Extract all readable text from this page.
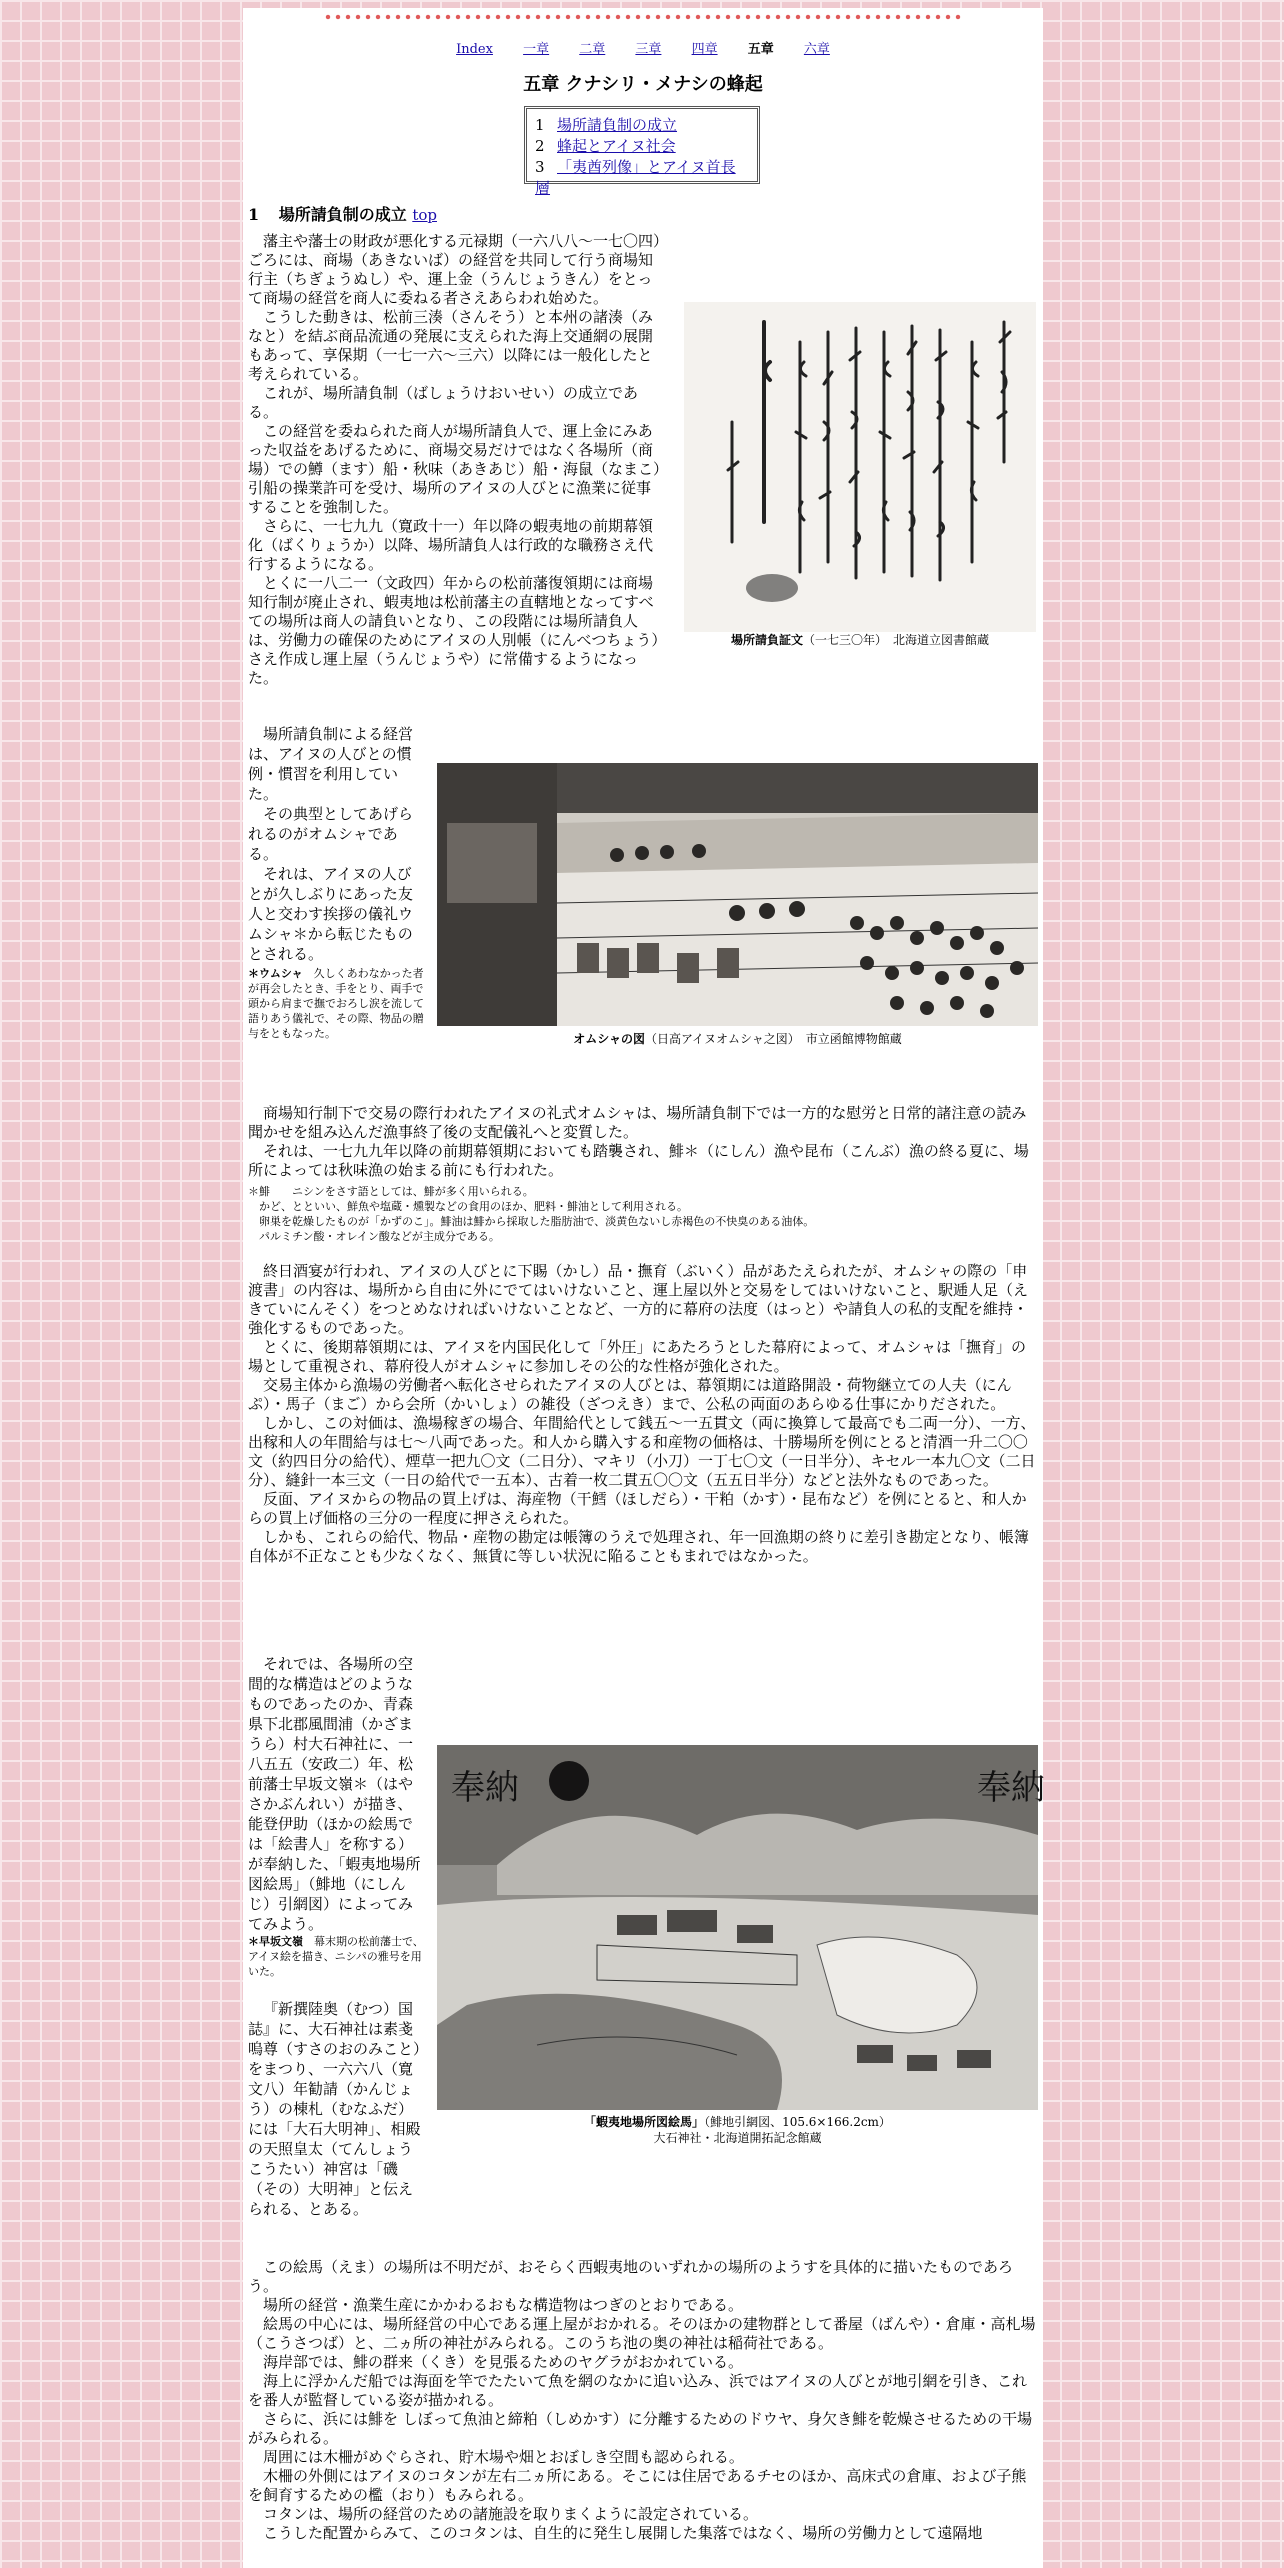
Index 一章 二章 三章 四章 五章 六章
五章 クナシリ・メナシの蜂起
1 場所請負制の成立
2 蜂起とアイヌ社会
3 「夷酋列像」とアイヌ首長層
1 場所請負制の成立 top

藩主や藩士の財政が悪化する元禄期（一六八八～一七〇四）ごろには、商場（あきないば）の経営を共同して行う商場知行主（ちぎょうぬし）や、運上金（うんじょうきん）をとって商場の経営を商人に委ねる者さえあらわれ始めた。

こうした動きは、松前三湊（さんそう）と本州の諸湊（みなと）を結ぶ商品流通の発展に支えられた海上交通網の展開もあって、享保期（一七一六～三六）以降には一般化したと考えられている。

これが、場所請負制（ばしょうけおいせい）の成立である。

この経営を委ねられた商人が場所請負人で、運上金にみあった収益をあげるために、商場交易だけではなく各場所（商場）での鱒（ます）船・秋味（あきあじ）船・海鼠（なまこ）引船の操業許可を受け、場所のアイヌの人びとに漁業に従事することを強制した。

さらに、一七九九（寛政十一）年以降の蝦夷地の前期幕領化（ばくりょうか）以降、場所請負人は行政的な職務さえ代行するようになる。

とくに一八二一（文政四）年からの松前藩復領期には商場知行制が廃止され、蝦夷地は松前藩主の直轄地となってすべての場所は商人の請負いとなり、この段階には場所請負人は、労働力の確保のためにアイヌの人別帳（にんべつちょう）さえ作成し運上屋（うんじょうや）に常備するようになった。

場所請負証文（一七三〇年）　北海道立図書館蔵

場所請負制による経営は、アイヌの人びとの慣例・慣習を利用していた。

その典型としてあげられるのがオムシャである。

それは、アイヌの人びとが久しぶりにあった友人と交わす挨拶の儀礼ウムシャ＊から転じたものとされる。

＊ウムシャ　 久しくあわなかった者が再会したとき、手をとり、両手で頭から肩まで撫でおろし涙を流して語りあう儀礼で、その際、物品の贈与をともなった。	オムシャの図（日高アイヌオムシャ之図）　市立函館博物館蔵

商場知行制下で交易の際行われたアイヌの礼式オムシャは、場所請負制下では一方的な慰労と日常的諸注意の読み聞かせを組み込んだ漁事終了後の支配儀礼へと変質した。

それは、一七九九年以降の前期幕領期においても踏襲され、鯡＊（にしん）漁や昆布（こんぶ）漁の終る夏に、場所によっては秋味漁の始まる前にも行われた。

＊鯡　　ニシンをさす語としては、鯡が多く用いられる。

かど、とといい、鮮魚や塩蔵・燻製などの食用のほか、肥料・鯡油として利用される。

卵巣を乾燥したものが「かずのこ」。鯡油は鯡から採取した脂肪油で、淡黄色ないし赤褐色の不快臭のある油体。

パルミチン酸・オレイン酸などが主成分である。

終日酒宴が行われ、アイヌの人びとに下賜（かし）品・撫育（ぶいく）品があたえられたが、オムシャの際の「申渡書」の内容は、場所から自由に外にでてはいけないこと、運上屋以外と交易をしてはいけないこと、駅逓人足（えきていにんそく）をつとめなければいけないことなど、一方的に幕府の法度（はっと）や請負人の私的支配を維持・強化するものであった。

とくに、後期幕領期には、アイヌを内国民化して「外圧」にあたろうとした幕府によって、オムシャは「撫育」の場として重視され、幕府役人がオムシャに参加しその公的な性格が強化された。

交易主体から漁場の労働者へ転化させられたアイヌの人びとは、幕領期には道路開設・荷物継立ての人夫（にんぷ）・馬子（まご）から会所（かいしょ）の雑役（ざつえき）まで、公私の両面のあらゆる仕事にかりだされた。

しかし、この対価は、漁場稼ぎの場合、年間給代として銭五～一五貫文（両に換算して最高でも二両一分）、一方、出稼和人の年間給与は七～八両であった。和人から購入する和産物の価格は、十勝場所を例にとると清酒一升二〇〇文（約四日分の給代）、煙草一把九〇文（二日分）、マキリ（小刀）一丁七〇文（一日半分）、キセル一本九〇文（二日分）、縫針一本三文（一日の給代で一五本）、古着一枚二貫五〇〇文（五五日半分）などと法外なものであった。

反面、アイヌからの物品の買上げは、海産物（干鱈（ほしだら）・干粕（かす）・昆布など）を例にとると、和人からの買上げ価格の三分の一程度に押さえられた。

しかも、これらの給代、物品・産物の勘定は帳簿のうえで処理され、年一回漁期の終りに差引き勘定となり、帳簿自体が不正なことも少なくなく、無賃に等しい状況に陥ることもまれではなかった。

それでは、各場所の空間的な構造はどのようなものであったのか、青森県下北郡風間浦（かざまうら）村大石神社に、一八五五（安政二）年、松前藩士早坂文嶺＊（はやさかぶんれい）が描き、能登伊助（ほかの絵馬では「絵書人」を称する）が奉納した、「蝦夷地場所図絵馬」（鯡地（にしんじ）引網図）によってみてみよう。

＊早坂文嶺　 幕末期の松前藩士で、アイヌ絵を描き、ニシパの雅号を用いた。

『新撰陸奥（むつ）国誌』に、大石神社は素戔嗚尊（すさのおのみこと）をまつり、一六六八（寛文八）年勧請（かんじょう）の棟札（むなふだ）には「大石大明神」、相殿の天照皇太（てんしょうこうたい）神宮は「磯（その）大明神」と伝えられる、とある。

奉納	奉納
「蝦夷地場所図絵馬」（鯡地引網図、105.6×166.2cm）
大石神社・北海道開拓記念館蔵

この絵馬（えま）の場所は不明だが、おそらく西蝦夷地のいずれかの場所のようすを具体的に描いたものであろう。

場所の経営・漁業生産にかかわるおもな構造物はつぎのとおりである。

絵馬の中心には、場所経営の中心である運上屋がおかれる。そのほかの建物群として番屋（ばんや）・倉庫・高札場（こうさつば）と、二ヵ所の神社がみられる。このうち池の奥の神社は稲荷社である。

海岸部では、鯡の群来（くき）を見張るためのヤグラがおかれている。

海上に浮かんだ船では海面を竿でたたいて魚を網のなかに追い込み、浜ではアイヌの人びとが地引網を引き、これを番人が監督している姿が描かれる。

さらに、浜には鯡を しぼって魚油と締粕（しめかす）に分離するためのドウヤ、身欠き鯡を乾燥させるための干場がみられる。

周囲には木柵がめぐらされ、貯木場や畑とおぼしき空間も認められる。

木柵の外側にはアイヌのコタンが左右二ヵ所にある。そこには住居であるチセのほか、高床式の倉庫、および子熊を飼育するための檻（おり）もみられる。

コタンは、場所の経営のための諸施設を取りまくように設定されている。

こうした配置からみて、このコタンは、自生的に発生し展開した集落ではなく、場所の労働力として遠隔地
